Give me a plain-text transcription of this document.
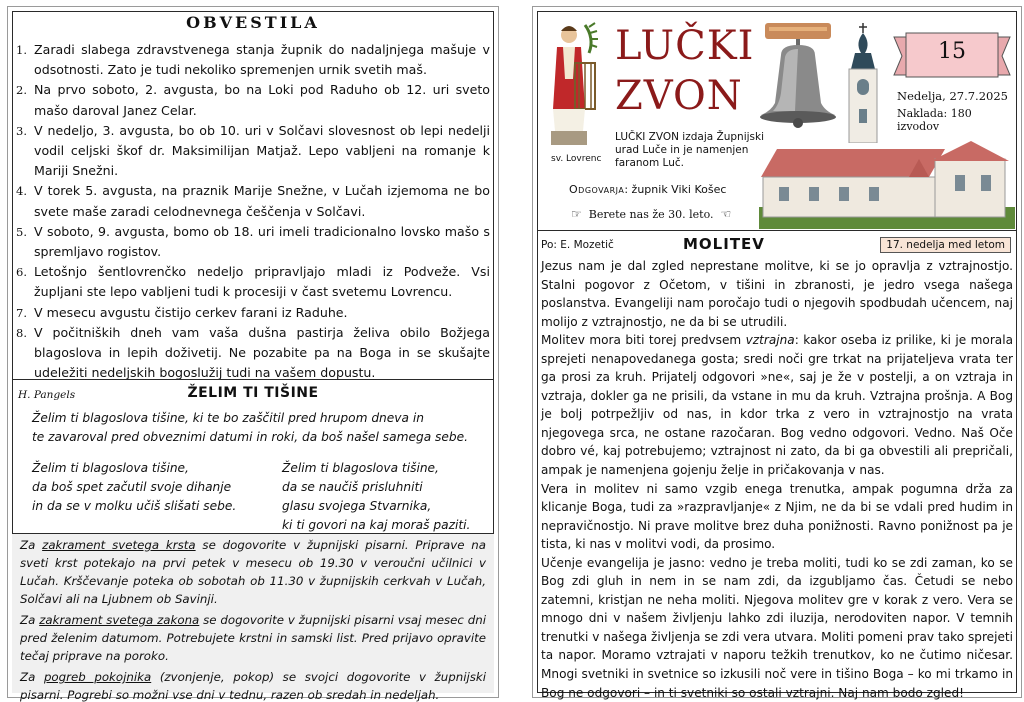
OBVESTILA
1. Zaradi slabega zdravstvenega stanja župnik do nadaljnjega mašuje v odsotnosti. Zato je tudi nekoliko spremenjen urnik svetih maš.
2. Na prvo soboto, 2. avgusta, bo na Loki pod Raduho ob 12. uri sveto mašo daroval Janez Celar.
3. V nedeljo, 3. avgusta, bo ob 10. uri v Solčavi slovesnost ob lepi nedelji vodil celjski škof dr. Maksimilijan Matjaž. Lepo vabljeni na romanje k Mariji Snežni.
4. V torek 5. avgusta, na praznik Marije Snežne, v Lučah izjemoma ne bo svete maše zaradi celodnevnega češčenja v Solčavi.
5. V soboto, 9. avgusta, bomo ob 18. uri imeli tradicionalno lovsko mašo s spremljavo rogistov.
6. Letošnjo šentlovrenčko nedeljo pripravljajo mladi iz Podveže. Vsi župljani ste lepo vabljeni tudi k procesiji v čast svetemu Lovrencu.
7. V mesecu avgustu čistijo cerkev farani iz Raduhe.
8. V počitniških dneh vam vaša dušna pastirja želiva obilo Božjega blagoslova in lepih doživetij. Ne pozabite pa na Boga in se skušajte udeležiti nedeljskih bogoslužij tudi na vašem dopustu.
H. Pangels	ŽELIM TI TIŠINE
Želim ti blagoslova tišine, ki te bo zaščitil pred hrupom dneva in
te zavaroval pred obveznimi datumi in roki, da boš našel samega sebe.
Želim ti blagoslova tišine,
da boš spet začutil svoje dihanje
in da se v molku učiš slišati sebe.
Želim ti blagoslova tišine,
da se naučiš prisluhniti
glasu svojega Stvarnika,
ki ti govori na kaj moraš paziti.

Za zakrament svetega krsta se dogovorite v župnijski pisarni. Priprave na sveti krst potekajo na prvi petek v mesecu ob 19.30 v veroučni učilnici v Lučah. Krščevanje poteka ob sobotah ob 11.30 v župnijskih cerkvah v Lučah, Solčavi ali na Ljubnem ob Savinji.

Za zakrament svetega zakona se dogovorite v župnijski pisarni vsaj mesec dni pred želenim datumom. Potrebujete krstni in samski list. Pred prijavo opravite tečaj priprave na poroko.

Za pogreb pokojnika (zvonjenje, pokop) se svojci dogovorite v župnijski pisarni. Pogrebi so možni vse dni v tednu, razen ob sredah in nedeljah.

sv. Lovrenc
LUČKI
ZVON
15
Nedelja, 27.7.2025
Naklada: 180 izvodov
LUČKI ZVON izdaja Župnijski urad Luče in je namenjen faranom Luč.
Odgovarja: župnik Viki Košec
☞ Berete nas že 30. leto. ☜
Po: E. Mozetič	MOLITEV	17. nedelja med letom

Jezus nam je dal zgled neprestane molitve, ki se jo opravlja z vztrajnostjo. Stalni pogovor z Očetom, v tišini in zbranosti, je jedro vsega našega poslanstva. Evangeliji nam poročajo tudi o njegovih spodbudah učencem, naj molijo z vztrajnostjo, ne da bi se utrudili.

Molitev mora biti torej predvsem vztrajna: kakor oseba iz prilike, ki je morala sprejeti nenapovedanega gosta; sredi noči gre trkat na prijateljeva vrata ter ga prosi za kruh. Prijatelj odgovori »ne«, saj je že v postelji, a on vztraja in vztraja, dokler ga ne prisili, da vstane in mu da kruh. Vztrajna prošnja. A Bog je bolj potrpežljiv od nas, in kdor trka z vero in vztrajnostjo na vrata njegovega srca, ne ostane razočaran. Bog vedno odgovori. Vedno. Naš Oče dobro vé, kaj potrebujemo; vztrajnost ni zato, da bi ga obvestili ali prepričali, ampak je namenjena gojenju želje in pričakovanja v nas.

Vera in molitev ni samo vzgib enega trenutka, ampak pogumna drža za klicanje Boga, tudi za »razpravljanje« z Njim, ne da bi se vdali pred hudim in nepravičnostjo. Ni prave molitve brez duha ponižnosti. Ravno ponižnost pa je tista, ki nas v molitvi vodi, da prosimo.

Učenje evangelija je jasno: vedno je treba moliti, tudi ko se zdi zaman, ko se Bog zdi gluh in nem in se nam zdi, da izgubljamo čas. Četudi se nebo zatemni, kristjan ne neha moliti. Njegova molitev gre v korak z vero. Vera se mnogo dni v našem življenju lahko zdi iluzija, nerodoviten napor. V temnih trenutki v našega življenja se zdi vera utvara. Moliti pomeni prav tako sprejeti ta napor. Moramo vztrajati v naporu težkih trenutkov, ko ne čutimo ničesar. Mnogi svetniki in svetnice so izkusili noč vere in tišino Boga – ko mi trkamo in Bog ne odgovori – in ti svetniki so ostali vztrajni. Naj nam bodo zgled!
